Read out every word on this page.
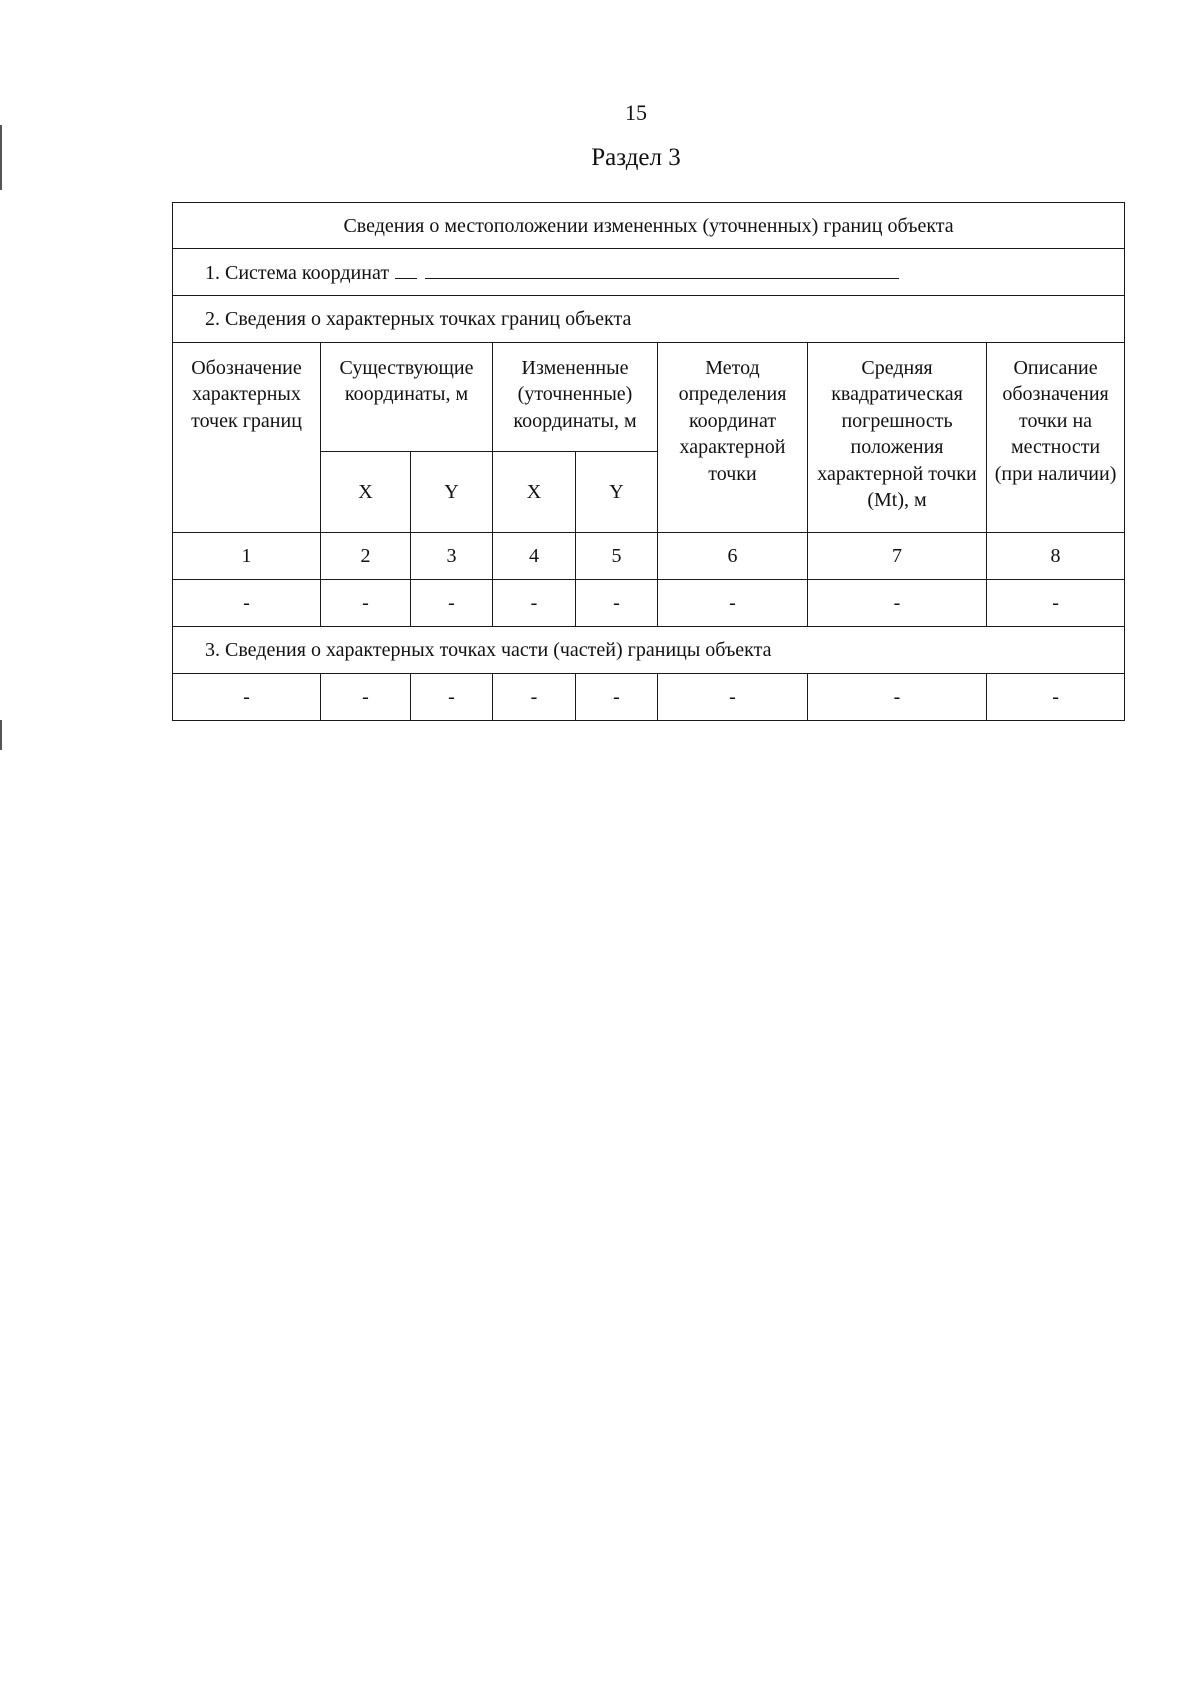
15
Раздел 3
Сведения о местоположении измененных (уточненных) границ объекта							
1. Система координат							
2. Сведения о характерных точках границ объекта							
Обозначение характерных точек границ	Существующие координаты, м		Измененные (уточненные) координаты, м		Метод определения координат характерной точки	Средняя квадратическая погрешность положения характерной точки (Mt), м	Описание обозначения точки на местности (при наличии)
	X	Y	X	Y			
1	2	3	4	5	6	7	8
-	-	-	-	-	-	-	-
3. Сведения о характерных точках части (частей) границы объекта							
-	-	-	-	-	-	-	-
